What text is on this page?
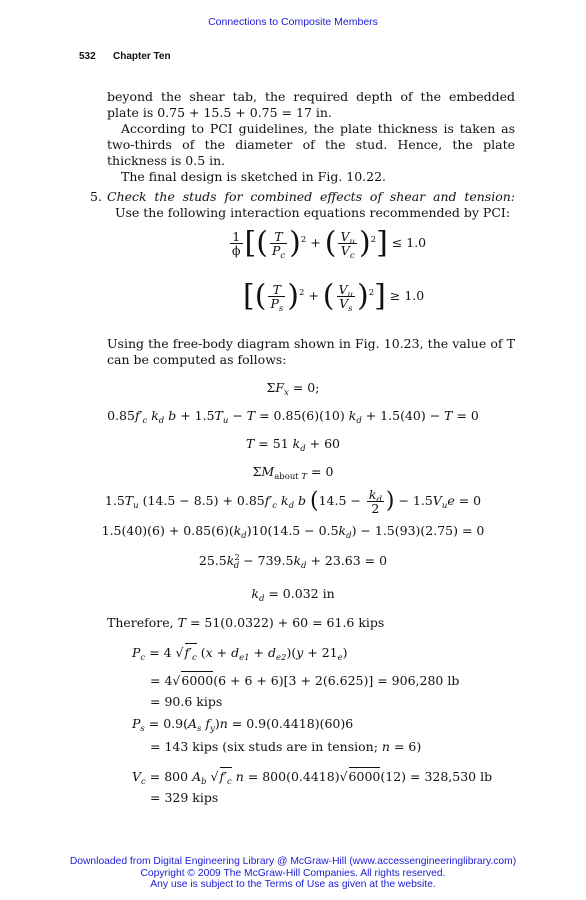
Connections to Composite Members
532 Chapter Ten
beyond the shear tab, the required depth of the embedded plate is 0.75 + 15.5 + 0.75 = 17 in.
According to PCI guidelines, the plate thickness is taken as two-thirds of the diameter of the stud. Hence, the plate thickness is 0.5 in.
The final design is sketched in Fig. 10.22.
5. Check the studs for combined effects of shear and tension:   Use the following interaction equations recommended by PCI:
$\frac{1}{\phi}$ [( $\frac{T}{P_c} )^2$ + ( $\frac{V_u}{V_c} )^2] \le 1.0$
[( $\frac{T}{P_s} )^2$ + ( $\frac{V_u}{V_s} )^2] \ge 1.0$
Using the free-body diagram shown in Fig. 10.23, the value of T can be computed as follows:
$\Sigma F_x = 0$;
$0.85f'_c$ $k_d$ $b + 1.5T_u - T = 0.85(6)(10) k_d + 1.5(40) - T = 0$
T = 51 $k_d + 60$
$\Sigma M_{about T} = 0$
$1.5T_u$ $(14.5 - 8.5) + 0.85f'_c$ $k_d$ b ($14.5 - \frac{k_d}{2}$ ) − $1.5V_ue = 0$
$1.5(40)(6) + 0.85(6)(k_d)10(14.5 - 0.5k_d) - 1.5(93)(2.75) = 0$
$25.5k^2_d - 739.5k_d + 23.63 = 0$
$k_d = 0.032$ in
Therefore, T = 51(0.0322) + 60 = 61.6 kips
$P_c = 4$ $√f'_c$ $(x + d_{e1} + d_{e2})(y + 21_e)$
= 4√6000(6 + 6 + 6)[3 + 2(6.625)] = 906,280 lb
= 90.6 kips
$P_s = 0.9(A_s$ $f_y)n = 0.9(0.4418)(60)6$
= 143 kips (six studs are in tension; n = 6)
$V_c = 800$ $A_b$ $√f'_c$ n = 800(0.4418)√6000(12) = 328,530 lb
= 329 kips
Downloaded from Digital Engineering Library @ McGraw-Hill (www.accessengineeringlibrary.com)
Copyright © 2009 The McGraw-Hill Companies. All rights reserved.
Any use is subject to the Terms of Use as given at the website.
